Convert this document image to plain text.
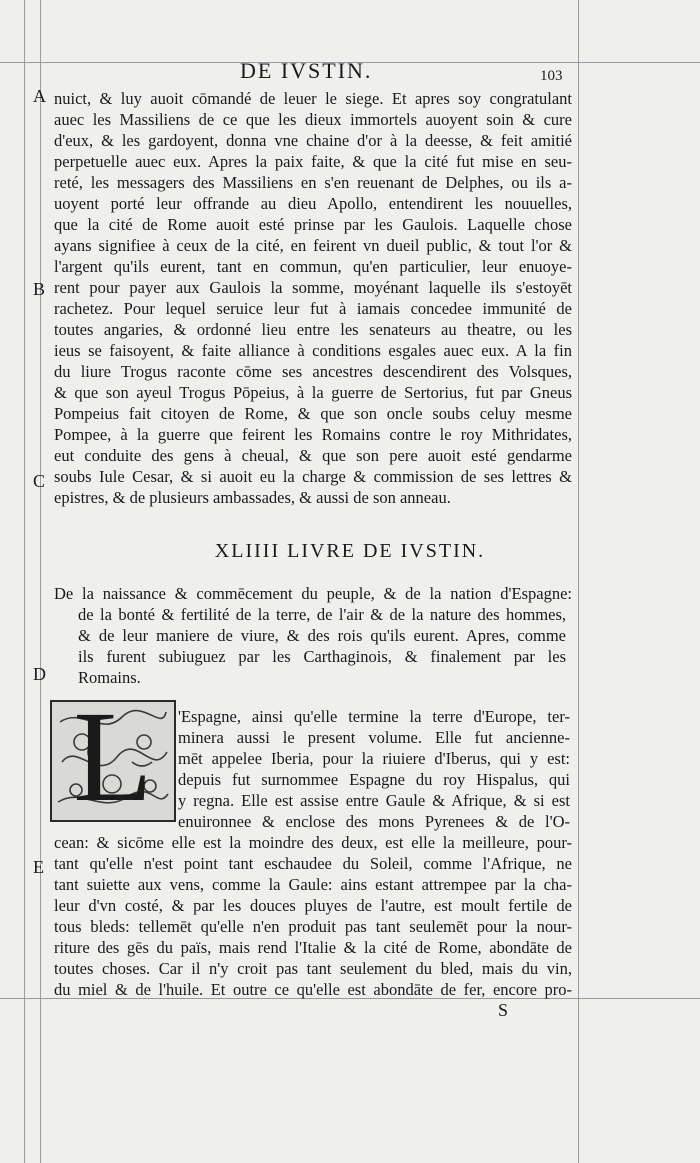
DE IVSTIN.	103
A
B
C
D
E
nuict, & luy auoit cōmandé de leuer le siege. Et apres soy congratulant
auec les Massiliens de ce que les dieux immortels auoyent soin & cure
d'eux, & les gardoyent, donna vne chaine d'or à la deesse, & feit amitié
perpetuelle auec eux. Apres la paix faite, & que la cité fut mise en seu-
reté, les messagers des Massiliens en s'en reuenant de Delphes, ou ils a-
uoyent porté leur offrande au dieu Apollo, entendirent les nouuelles,
que la cité de Rome auoit esté prinse par les Gaulois. Laquelle chose
ayans signifiee à ceux de la cité, en feirent vn dueil public, & tout l'or &
l'argent qu'ils eurent, tant en commun, qu'en particulier, leur enuoye-
rent pour payer aux Gaulois la somme, moyénant laquelle ils s'estoyēt
rachetez. Pour lequel seruice leur fut à iamais concedee immunité de
toutes angaries, & ordonné lieu entre les senateurs au theatre, ou les
ieus se faisoyent, & faite alliance à conditions esgales auec eux. A la fin
du liure Trogus raconte cōme ses ancestres descendirent des Volsques,
& que son ayeul Trogus Pōpeius, à la guerre de Sertorius, fut par Gneus
Pompeius fait citoyen de Rome, & que son oncle soubs celuy mesme
Pompee, à la guerre que feirent les Romains contre le roy Mithridates,
eut conduite des gens à cheual, & que son pere auoit esté gendarme
soubs Iule Cesar, & si auoit eu la charge & commission de ses lettres &
epistres, & de plusieurs ambassades, & aussi de son anneau.
XLIIII LIVRE DE IVSTIN.
De la naissance & commēcement du peuple, & de la nation d'Espagne:
de la bonté & fertilité de la terre, de l'air & de la nature des hommes,
& de leur maniere de viure, & des rois qu'ils eurent. Apres, comme
ils furent subiuguez par les Carthaginois, & finalement par les
Romains.
L	'Espagne, ainsi qu'elle termine la terre d'Europe, ter-
minera aussi le present volume. Elle fut ancienne-
mēt appelee Iberia, pour la riuiere d'Iberus, qui y est:
depuis fut surnommee Espagne du roy Hispalus, qui
y regna. Elle est assise entre Gaule & Afrique, & si est
enuironnee & enclose des mons Pyrenees & de l'O-
cean: & sicōme elle est la moindre des deux, est elle la meilleure, pour-
tant qu'elle n'est point tant eschaudee du Soleil, comme l'Afrique, ne
tant suiette aux vens, comme la Gaule: ains estant attrempee par la cha-
leur d'vn costé, & par les douces pluyes de l'autre, est moult fertile de
tous bleds: tellemēt qu'elle n'en produit pas tant seulemēt pour la nour-
riture des gēs du païs, mais rend l'Italie & la cité de Rome, abondāte de
toutes choses. Car il n'y croit pas tant seulement du bled, mais du vin,
du miel & de l'huile. Et outre ce qu'elle est abondāte de fer, encore pro-
S
